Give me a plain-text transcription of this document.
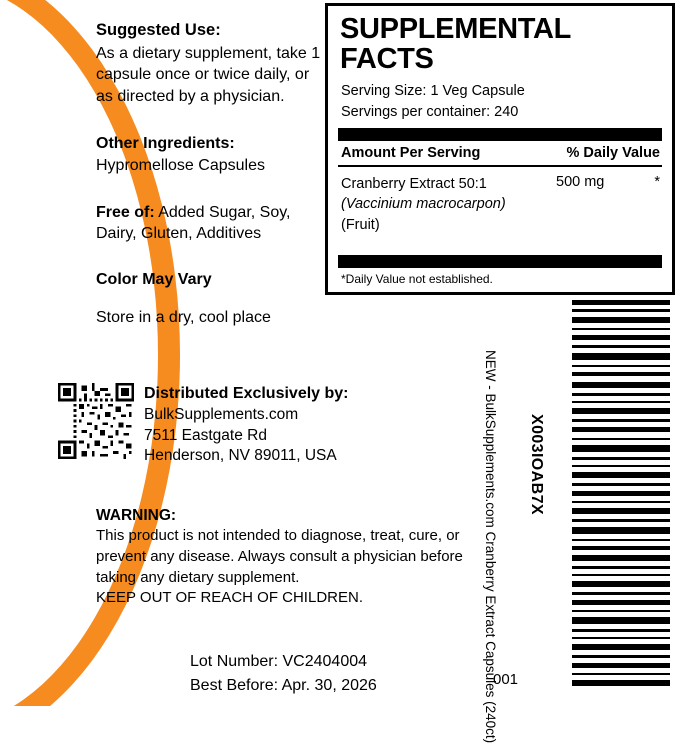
Suggested Use:
As a dietary supplement, take 1 capsule once or twice daily, or as directed by a physician.
Other Ingredients: Hypromellose Capsules
Free of: Added Sugar, Soy, Dairy, Gluten, Additives
Color May Vary
Store in a dry, cool place
Distributed Exclusively by:
BulkSupplements.com
7511 Eastgate Rd
Henderson, NV 89011, USA
WARNING:
This product is not intended to diagnose, treat, cure, or prevent any disease. Always consult a physician before taking any dietary supplement.
KEEP OUT OF REACH OF CHILDREN.
Lot Number: VC2404004
Best Before: Apr. 30, 2026	001
SUPPLEMENTAL FACTS
Serving Size: 1 Veg Capsule
Servings per container: 240
Amount Per Serving	% Daily Value
Cranberry Extract 50:1
(Vaccinium macrocarpon)
(Fruit)
500 mg	*
*Daily Value not established.
NEW - BulkSupplements.com Cranberry Extract Capsules (240ct) X003IOAB7X
